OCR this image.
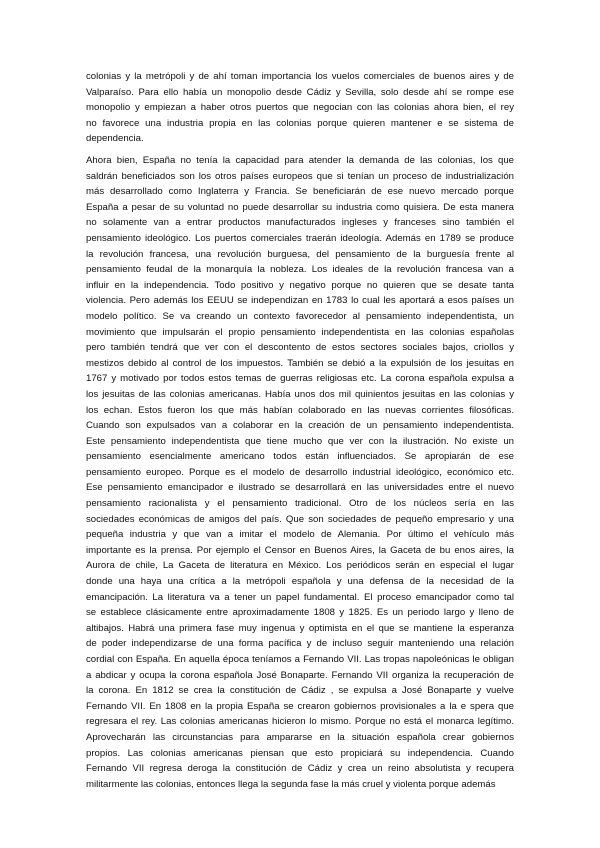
colonias y la metrópoli y de ahí toman importancia los vuelos comerciales de buenos aires y de
Valparaíso. Para ello había un monopolio desde Cádiz y Sevilla, solo desde ahí se rompe ese
monopolio y empiezan a haber otros puertos que negocian con las colonias ahora bien, el rey
no favorece una industria propia en las colonias porque quieren mantener e se sistema de
dependencia.
Ahora bien, España no tenía la capacidad para atender la demanda de las colonias, los que
saldrán beneficiados son los otros países europeos que si tenían un proceso de industrialización
más desarrollado como Inglaterra y Francia. Se beneficiarán de ese nuevo mercado porque
España a pesar de su voluntad no puede desarrollar su industria como quisiera. De esta manera
no solamente van a entrar productos manufacturados ingleses y franceses sino también el
pensamiento ideológico. Los puertos comerciales traerán ideología. Además en 1789 se produce
la revolución francesa, una revolución burguesa, del pensamiento de la burguesía frente al
pensamiento feudal de la monarquía la nobleza. Los ideales de la revolución francesa van a
influir en la independencia. Todo positivo y negativo porque no quieren que se desate tanta
violencia. Pero además los EEUU se independizan en 1783 lo cual les aportará a esos países un
modelo político. Se va creando un contexto favorecedor al pensamiento independentista, un
movimiento que impulsarán el propio pensamiento independentista en las colonias españolas
pero también tendrá que ver con el descontento de estos sectores sociales bajos, criollos y
mestizos debido al control de los impuestos. También se debió a la expulsión de los jesuitas en
1767 y motivado por todos estos temas de guerras religiosas etc. La corona española expulsa a
los jesuitas de las colonias americanas. Había unos dos mil quinientos jesuitas en las colonias y
los echan. Estos fueron los que más habían colaborado en las nuevas corrientes filosóficas.
Cuando son expulsados van a colaborar en la creación de un pensamiento independentista.
Este pensamiento independentista que tiene mucho que ver con la ilustración. No existe un
pensamiento esencialmente americano todos están influenciados. Se apropiarán de ese
pensamiento europeo. Porque es el modelo de desarrollo industrial ideológico, económico etc.
Ese pensamiento emancipador e ilustrado se desarrollará en las universidades entre el nuevo
pensamiento racionalista y el pensamiento tradicional. Otro de los núcleos sería en las
sociedades económicas de amigos del país. Que son sociedades de pequeño empresario y una
pequeña industria y que van a imitar el modelo de Alemania. Por último el vehículo más
importante es la prensa. Por ejemplo el Censor en Buenos Aires, la Gaceta de bu enos aires, la
Aurora de chile, La Gaceta de literatura en México. Los periódicos serán en especial el lugar
donde una haya una crítica a la metrópoli española y una defensa de la necesidad de la
emancipación. La literatura va a tener un papel fundamental. El proceso emancipador como tal
se establece clásicamente entre aproximadamente 1808 y 1825. Es un periodo largo y lleno de
altibajos. Habrá una primera fase muy ingenua y optimista en el que se mantiene la esperanza
de poder independizarse de una forma pacífica y de incluso seguir manteniendo una relación
cordial con España. En aquella época teníamos a Fernando VII. Las tropas napoleónicas le obligan
a abdicar y ocupa la corona española José Bonaparte. Fernando VII organiza la recuperación de
la corona. En 1812 se crea la constitución de Cádiz , se expulsa a José Bonaparte y vuelve
Fernando VII. En 1808 en la propia España se crearon gobiernos provisionales a la e spera que
regresara el rey. Las colonias americanas hicieron lo mismo. Porque no está el monarca legítimo.
Aprovecharán las circunstancias para ampararse en la situación española crear gobiernos
propios. Las colonias americanas piensan que esto propiciará su independencia. Cuando
Fernando VII regresa deroga la constitución de Cádiz y crea un reino absolutista y recupera
militarmente las colonias, entonces llega la segunda fase la más cruel y violenta porque además
